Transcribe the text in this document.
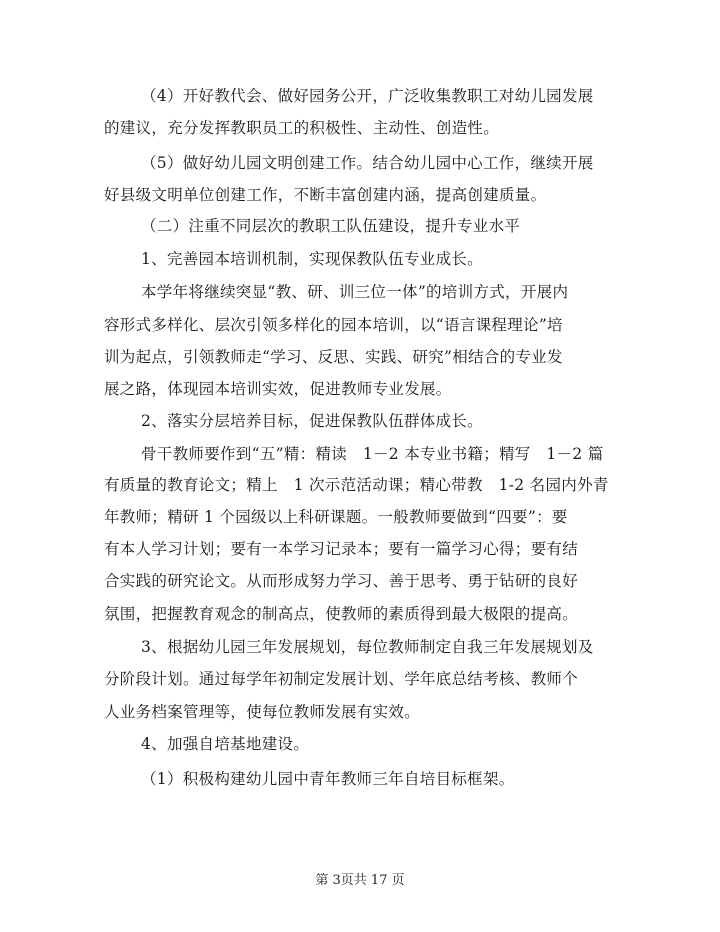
（4）开好教代会、做好园务公开，广泛收集教职工对幼儿园发展
的建议，充分发挥教职员工的积极性、主动性、创造性。
（5）做好幼儿园文明创建工作。结合幼儿园中心工作，继续开展
好县级文明单位创建工作，不断丰富创建内涵，提高创建质量。
（二）注重不同层次的教职工队伍建设，提升专业水平
1、完善园本培训机制，实现保教队伍专业成长。
本学年将继续突显“教、研、训三位一体”的培训方式，开展内
容形式多样化、层次引领多样化的园本培训，以“语言课程理论”培
训为起点，引领教师走“学习、反思、实践、研究”相结合的专业发
展之路，体现园本培训实效，促进教师专业发展。
2、落实分层培养目标，促进保教队伍群体成长。
骨干教师要作到“五”精：精读　1－2 本专业书籍；精写　1－2 篇
有质量的教育论文；精上　1 次示范活动课；精心带教　1-2 名园内外青
年教师；精研 1 个园级以上科研课题。一般教师要做到“四要”：要
有本人学习计划；要有一本学习记录本；要有一篇学习心得；要有结
合实践的研究论文。从而形成努力学习、善于思考、勇于钻研的良好
氛围，把握教育观念的制高点，使教师的素质得到最大极限的提高。
3、根据幼儿园三年发展规划，每位教师制定自我三年发展规划及
分阶段计划。通过每学年初制定发展计划、学年底总结考核、教师个
人业务档案管理等，使每位教师发展有实效。
4、加强自培基地建设。
（1）积极构建幼儿园中青年教师三年自培目标框架。
第 3页共 17 页
